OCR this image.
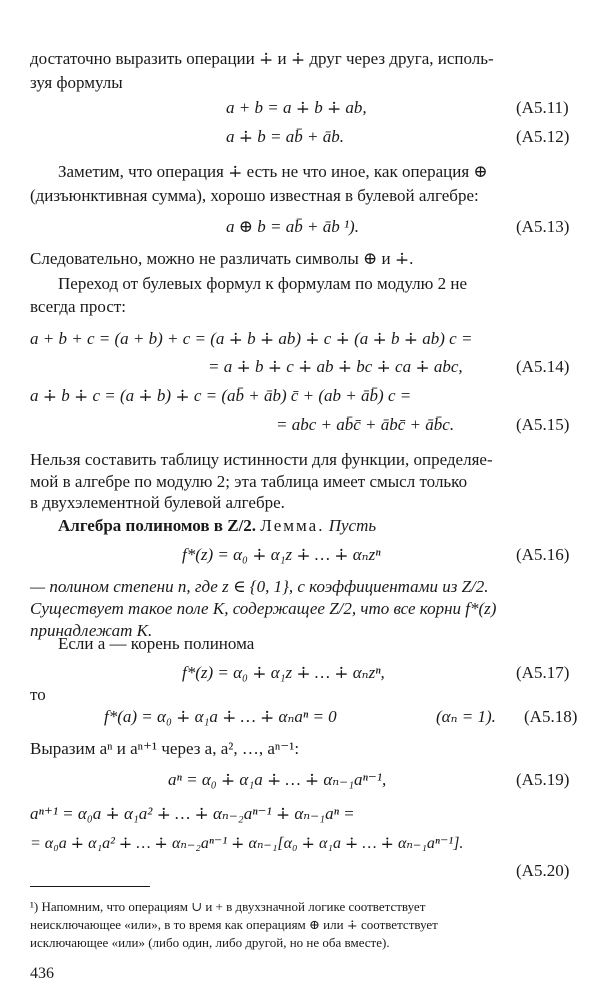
достаточно выразить операции ∔ и ∔ друг через друга, исполь-
зуя формулы
a + b = a ∔ b ∔ ab,	(A5.11)
a ∔ b = ab̄ + āb.	(A5.12)
Заметим, что операция ∔ есть не что иное, как операция ⊕
(дизъюнктивная сумма), хорошо известная в булевой алгебре:
a ⊕ b = ab̄ + āb ¹).	(A5.13)
Следовательно, можно не различать символы ⊕ и ∔.
Переход от булевых формул к формулам по модулю 2 не
всегда прост:
a + b + c = (a + b) + c = (a ∔ b ∔ ab) ∔ c ∔ (a ∔ b ∔ ab) c =
= a ∔ b ∔ c ∔ ab ∔ bc ∔ ca ∔ abc,	(A5.14)
a ∔ b ∔ c = (a ∔ b) ∔ c = (ab̄ + āb) c̄ + (ab + āb̄) c =
= abc + ab̄c̄ + ābc̄ + āb̄c.	(A5.15)
Нельзя составить таблицу истинности для функции, определяе-
мой в алгебре по модулю 2; эта таблица имеет смысл только
в двухэлементной булевой алгебре.
Алгебра полиномов в Z/2. Лемма. Пусть
f*(z) = α₀ ∔ α₁z ∔ … ∔ αₙzⁿ	(A5.16)
— полином степени n, где z ∈ {0, 1}, с коэффициентами из Z/2.
Существует такое поле K, содержащее Z/2, что все корни f*(z)
принадлежат K.
Если a — корень полинома
f*(z) = α₀ ∔ α₁z ∔ … ∔ αₙzⁿ,	(A5.17)
то
f*(a) = α₀ ∔ α₁a ∔ … ∔ αₙaⁿ = 0	(αₙ = 1). (A5.18)
Выразим aⁿ и aⁿ⁺¹ через a, a², …, aⁿ⁻¹:
aⁿ = α₀ ∔ α₁a ∔ … ∔ αₙ₋₁aⁿ⁻¹,	(A5.19)
aⁿ⁺¹ = α₀a ∔ α₁a² ∔ … ∔ αₙ₋₂aⁿ⁻¹ ∔ αₙ₋₁aⁿ =
= α₀a ∔ α₁a² ∔ … ∔ αₙ₋₂aⁿ⁻¹ ∔ αₙ₋₁[α₀ ∔ α₁a ∔ … ∔ αₙ₋₁aⁿ⁻¹].
(A5.20)
¹) Напомним, что операциям ∪ и + в двухзначной логике соответствует
неисключающее «или», в то время как операциям ⊕ или ∔ соответствует
исключающее «или» (либо один, либо другой, но не оба вместе).
436
